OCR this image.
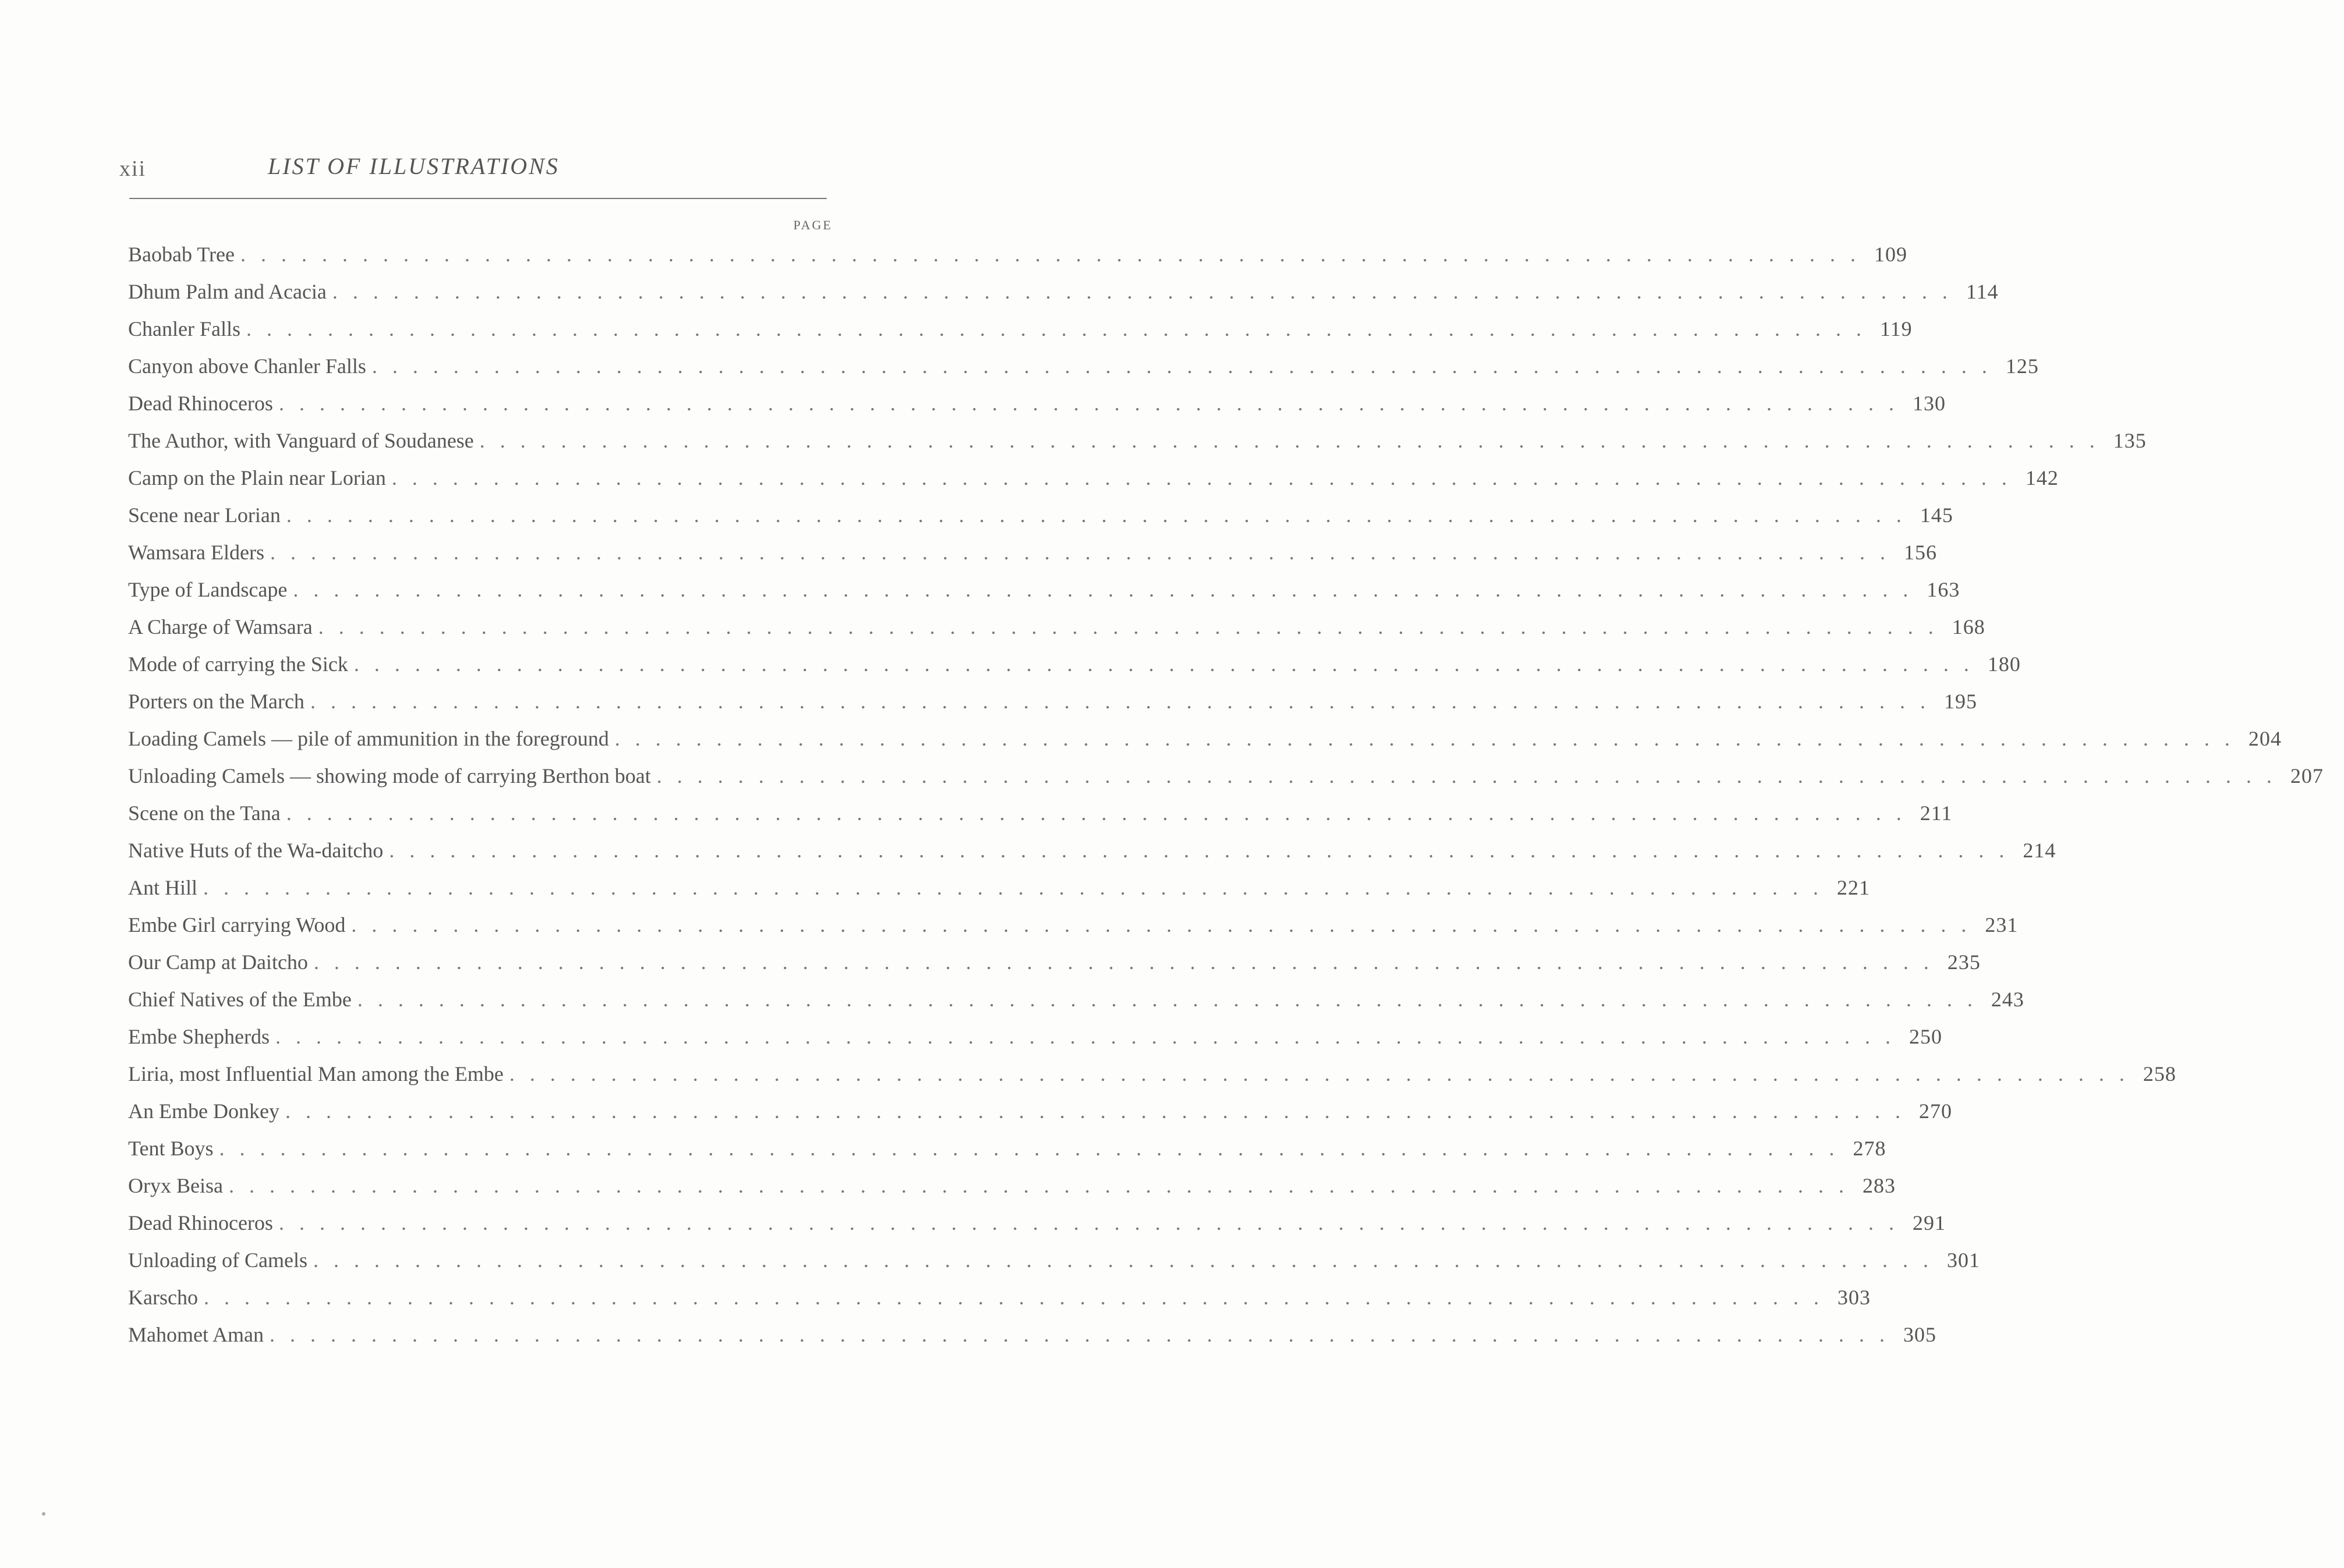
xii	LIST OF ILLUSTRATIONS
PAGE
Baobab Tree ................................................................................ 109
Dhum Palm and Acacia ................................................................................ 114
Chanler Falls ................................................................................ 119
Canyon above Chanler Falls ................................................................................ 125
Dead Rhinoceros ................................................................................ 130
The Author, with Vanguard of Soudanese ................................................................................ 135
Camp on the Plain near Lorian ................................................................................ 142
Scene near Lorian ................................................................................ 145
Wamsara Elders ................................................................................ 156
Type of Landscape ................................................................................ 163
A Charge of Wamsara ................................................................................ 168
Mode of carrying the Sick ................................................................................ 180
Porters on the March ................................................................................ 195
Loading Camels — pile of ammunition in the foreground ................................................................................ 204
Unloading Camels — showing mode of carrying Berthon boat ................................................................................ 207
Scene on the Tana ................................................................................ 211
Native Huts of the Wa-daitcho ................................................................................ 214
Ant Hill ................................................................................ 221
Embe Girl carrying Wood ................................................................................ 231
Our Camp at Daitcho ................................................................................ 235
Chief Natives of the Embe ................................................................................ 243
Embe Shepherds ................................................................................ 250
Liria, most Influential Man among the Embe ................................................................................ 258
An Embe Donkey ................................................................................ 270
Tent Boys ................................................................................ 278
Oryx Beisa ................................................................................ 283
Dead Rhinoceros ................................................................................ 291
Unloading of Camels ................................................................................ 301
Karscho ................................................................................ 303
Mahomet Aman ................................................................................ 305
